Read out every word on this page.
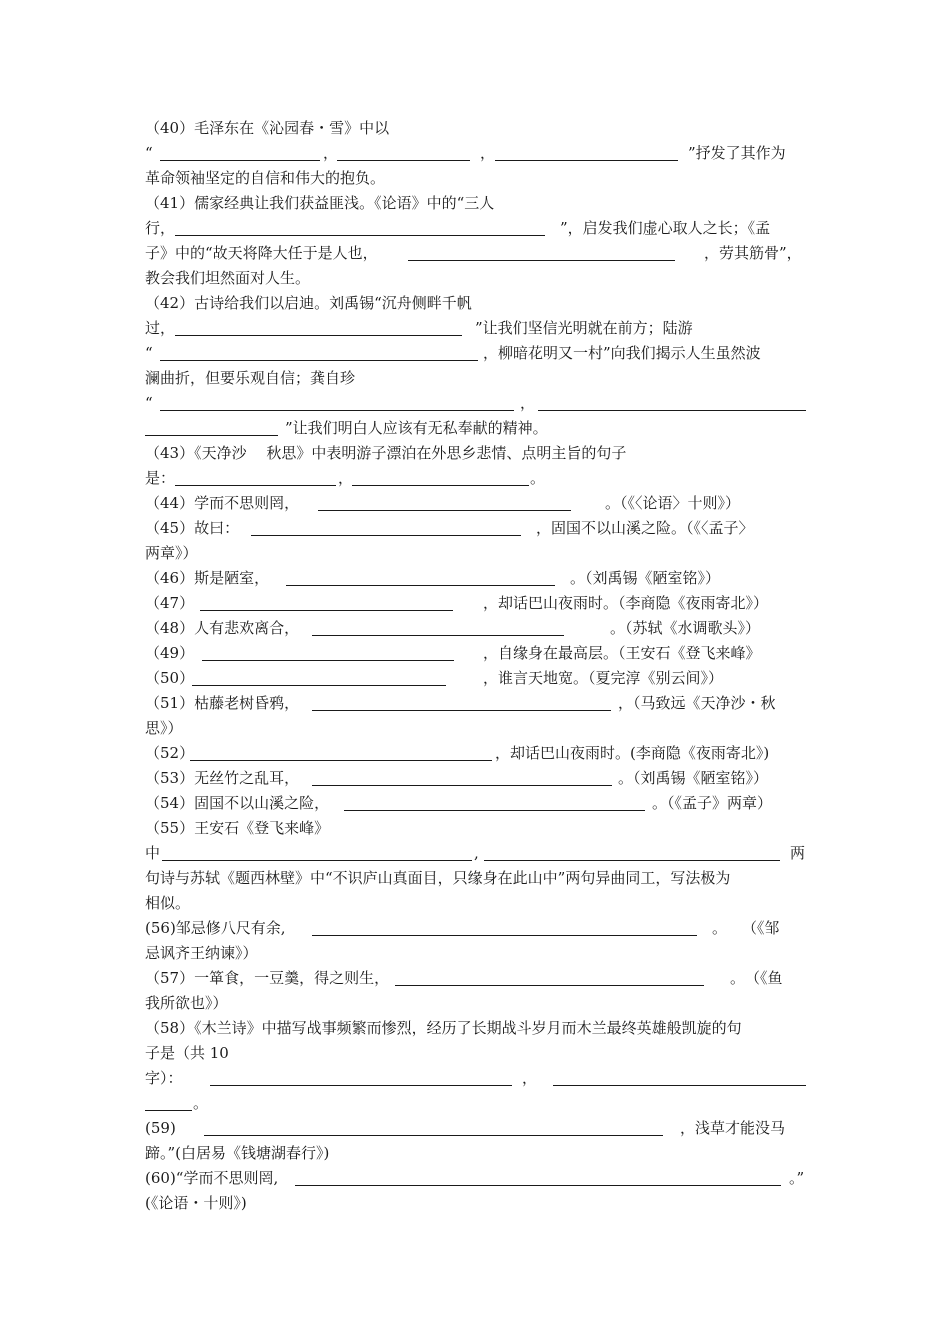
（40）毛泽东在《沁园春・雪》中以
“	，	，	”抒发了其作为
革命领袖坚定的自信和伟大的抱负。
（41）儒家经典让我们获益匪浅。《论语》中的“三人
行，	”，启发我们虚心取人之长；《孟
子》中的“故天将降大任于是人也，	，劳其筋骨”，
教会我们坦然面对人生。
（42）古诗给我们以启迪。刘禹锡“沉舟侧畔千帆
过，	”让我们坚信光明就在前方；陆游
“	，柳暗花明又一村”向我们揭示人生虽然波
澜曲折，但要乐观自信；龚自珍
“	，
”让我们明白人应该有无私奉献的精神。
（43）《天净沙　 秋思》中表明游子漂泊在外思乡悲情、点明主旨的句子
是：	，	。
（44）学而不思则罔，	。（《〈论语〉十则》）
（45）故曰：	，固国不以山溪之险。（《〈孟子〉
两章》）
（46）斯是陋室，	。（刘禹锡《陋室铭》）
（47）	，却话巴山夜雨时。（李商隐《夜雨寄北》）
（48）人有悲欢离合，	。（苏轼《水调歌头》）
（49）	，自缘身在最高层。（王安石《登飞来峰》
（50）	，谁言天地宽。（夏完淳《别云间》）
（51）枯藤老树昏鸦，	，（马致远《天净沙・秋
思》）
（52）	，却话巴山夜雨时。(李商隐《夜雨寄北》)
（53）无丝竹之乱耳，	。（刘禹锡《陋室铭》）
（54）固国不以山溪之险，	。（《孟子》两章）
（55）王安石《登飞来峰》
中	,	两
句诗与苏轼《题西林壁》中“不识庐山真面目，只缘身在此山中”两句异曲同工，写法极为
相似。
(56)邹忌修八尺有余,	。　　（《邹
忌讽齐王纳谏》）
（57）一箪食，一豆羹，得之则生，	。　（《鱼
我所欲也》）
（58）《木兰诗》中描写战事频繁而惨烈，经历了长期战斗岁月而木兰最终英雄般凯旋的句
子是（共 10
字）：	，
。
(59)	，浅草才能没马
蹄。”(白居易《钱塘湖春行》)
(60)“学而不思则罔,	。”
(《论语・十则》)
